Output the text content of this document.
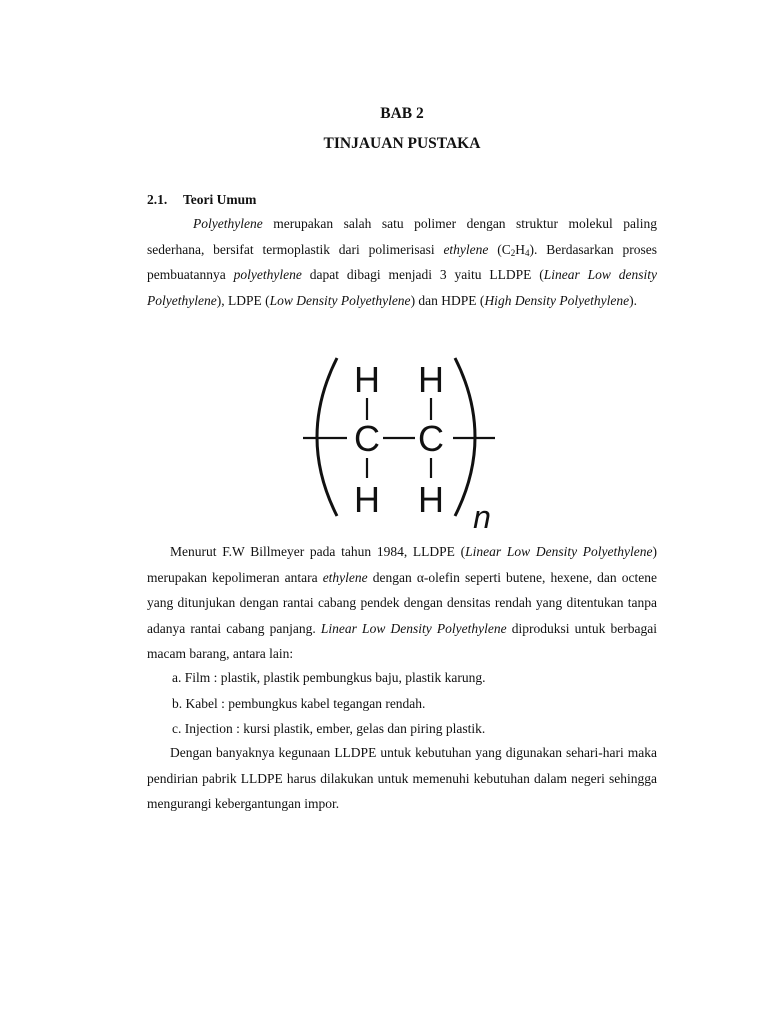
BAB 2
TINJAUAN PUSTAKA
2.1. Teori Umum
Polyethylene merupakan salah satu polimer dengan struktur molekul paling sederhana, bersifat termoplastik dari polimerisasi ethylene $(C_2H_4)$. Berdasarkan proses pembuatannya polyethylene dapat dibagi menjadi 3 yaitu LLDPE (Linear Low density Polyethylene), LDPE (Low Density Polyethylene) dan HDPE (High Density Polyethylene).
Menurut F.W Billmeyer pada tahun 1984, LLDPE (Linear Low Density Polyethylene) merupakan kepolimeran antara ethylene dengan α-olefin seperti butene, hexene, dan octene yang ditunjukan dengan rantai cabang pendek dengan densitas rendah yang ditentukan tanpa adanya rantai cabang panjang. Linear Low Density Polyethylene diproduksi untuk berbagai macam barang, antara lain:
a. Film : plastik, plastik pembungkus baju, plastik karung.
b. Kabel : pembungkus kabel tegangan rendah.
c. Injection : kursi plastik, ember, gelas dan piring plastik.
Dengan banyaknya kegunaan LLDPE untuk kebutuhan yang digunakan sehari-hari maka pendirian pabrik LLDPE harus dilakukan untuk memenuhi kebutuhan dalam negeri sehingga mengurangi kebergantungan impor.
H H
C C
H H n
